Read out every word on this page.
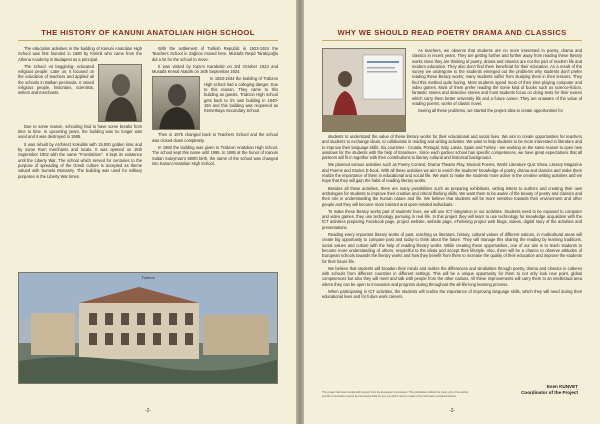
THE HISTORY OF KANUNI ANATOLIAN HIGH SCHOOL

The education activities in the building of Kanuni Anatolian High School was first founded in 1680 by Kiminli who came from the Athena Academy in Budapest as a principal.

The school -at beggining- educated religious people. Later on, it focused on the education of teachers and applied all the schools in Balkan peninsula. It raised religious people, historians, scientists, writers and merchants.

Due to some reason, schooling had to have some breaks from time to time. In upcoming years, the building was no longer was used and it was destroyed in 1985.

It was rebuilt by Architect Kokulitis with 15.000 golden liras and by some Rum merchants and locals. It was opened on 15th September 1902 with the name "Frontistirion". It kept its existence until the Liberty War. The school which served for centuries to the purpose of spreading of the Greek culture is accepted as theme valued with Sumela Monastry. The building was used for military purposes in the Liberty War times.

With the settlement of Turkish Republic in 1923-1924 the Teachers School in Zağnos moved here. Mustafa Reşid Tarakçıoğlu did a lot for the school to move.

It was visited by Kazım Karabekir on 3rd October 1923 and Mustafa Kemal Atatürk on 16th September 1924.

In 1933-1934 the building of Trabzon High school had a colleging danger. Due to this reason, They came to this building as guests. Trabzon High school gets back to it's own building in 1940-194 and this building was reopened as Kemerkaya Secondary School.

Then in 1975 changed back to Teachers School and the school was closed down completely.

In 1982 the building was given to Trabzon Anatolian High school. The school kept this name until 1995. In 1995 at the honor of Kanuni Sultan Suleyman's 500th birth, the name of the school was changed into Kanuni Anatolian High School.

Trabzon
-2-
WHY WE SHOULD READ POETRY DRAMA AND CLASSICS

As teachers, we observe that students are no more interested in poetry, drama and classics in recent years. They are getting further and further away from reading these literary works since they are thinking of poetry, drama and classics are not the part of modern life and modern education. They also don't find them beneficial for their education. As a result of the survey we undergone to the students emerged out the problems why students don't prefer reading these literary works; many students suffer from studying them in their lessons. They find this method quite boring. Most students spend most of their time playing computer and video games. Most of them prefer reading the some kind of books such as science-fiction, fantastic stories and detective stories and most students focus on doing tests for their exams which carry them better university life and a future career. They are unaware of the value of reading poems, works of classic novel.

Seeing all these problems, we started the project idea to create opportunities for

students to understand the value of these literary works for their educational and social lives. We aim to create opportunities for teachers and students to exchange ideas, to collaborate in reading and writing activities. We want to help students to be more interested in literature and to improve their language skills. Six countries - Croatia, Portugal, Italy, Latvia, Spain and Turkey - are working on the same reason to open new windows for the students with the help of Erasmus+. Since each partner school has specific competences, we have great expectations that all partners will fit in together with their contributions to literary cultural and historical background.

We planned various activities such as Poetry Contest, Drama Theatre Play, Musical Poems, World Literature Quiz Show, Literary Magazine and Poems and Stories E-book. With all these activities we aim to enrich the students' knowledge of poetry, drama and classics and make them realize the importance of them in educational and social life. We want to make the students more active in the creative writing activities and we hope that they will gain the habit of reading literary works.

Besides all these activities, there are many possibilities such as preparing exhibitions, writing letters to authors and creating their own anthologies for students to improve their creative and critical thinking skills. We want them to be aware of the beauty of poetry and classics and their role in understanding the human nature and life. We believe that students will be more sensitive towards their environment and other people and they will become more tolerant and open-minded individuals.

To make these literary works part of students' lives, we will use ICT integration in our activities. Students need to be exposed to computer and video games, they use technology pursuing in real life. In this project they will learn to use technology for knowledge acquisition with the ICT activities preparing Facebook page, project website, website page, eTwinning project web blogs, videos, digital story of the activities and presentations.

Reading every important literary works of past, reaching us literature, history, cultural values of different nations, in multicultural areas will create big opportunity to compare past and today to think about the future. They will manage this sharing the reading by learning traditions, social values and culture with the help of reading literary works. While creating these opportunities, one of our aim is to teach students to become more understanding of others, respectful to the ideas and accept their lifestyle. Also, there will be a chance to observe attitudes of European schools towards the literary works and how they benefit from them to increase the quality of their education and improve the students for their future life.

We believe that students will broaden their minds and realize the differences and similarities through poetry, drama and classics in cultures with schools from different countries in different settings. This will be a unique opportunity for them to not only look new point, global competences but also they will meet and talk with people from the other nations. All these improvements will carry them to an intellectual area where they can be open to innovation and progress during throughout the all-life-long learning process.

When participating in ICT activities, the students will realize the importance of improving language skills, which they will need during their educational lives and for future work careers.

This project has been funded with support from the European Commission. This publication reflects the views only of the author, and the Commission cannot be held responsible for any use which may be made of the information contained therein.
Esen KUNVET
Coordinator of the Project
-3-
